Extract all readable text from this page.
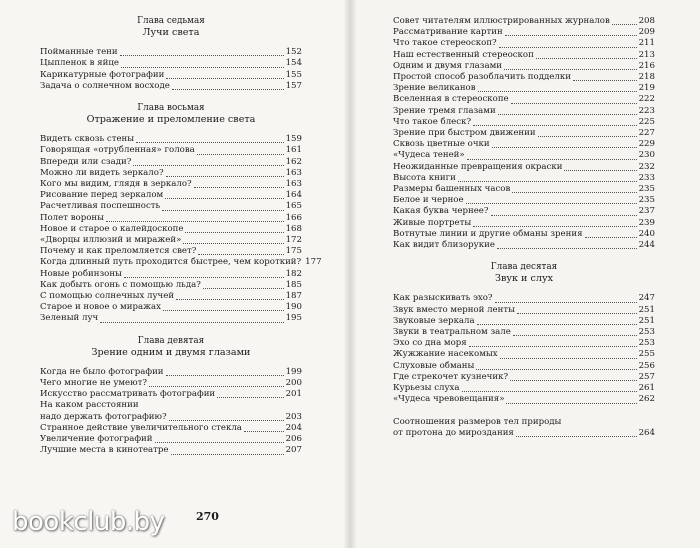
Глава седьмая
Лучи света
Пойманные тени	152
Цыпленок в яйце	154
Карикатурные фотографии	155
Задача о солнечном восходе	157
Глава восьмая
Отражение и преломление света
Видеть сквозь стены	159
Говорящая «отрубленная» голова	161
Впереди или сзади?	162
Можно ли видеть зеркало?	163
Кого мы видим, глядя в зеркало?	163
Рисование перед зеркалом	164
Расчетливая поспешность	165
Полет вороны	166
Новое и старое о калейдоскопе	168
«Дворцы иллюзий и миражей»	172
Почему и как преломляется свет?	175
Когда длинный путь проходится быстрее, чем короткий? 177
Новые робинзоны	182
Как добыть огонь с помощью льда?	185
С помощью солнечных лучей	187
Старое и новое о миражах	190
Зеленый луч	195
Глава девятая
Зрение одним и двумя глазами
Когда не было фотографии	199
Чего многие не умеют?	200
Искусство рассматривать фотографии	201
На каком расстоянии
надо держать фотографию?	203
Странное действие увеличительного стекла	204
Увеличение фотографий	206
Лучшие места в кинотеатре	207
Совет читателям иллюстрированных журналов	208
Рассматривание картин	209
Что такое стереоскоп?	211
Наш естественный стереоскоп	213
Одним и двумя глазами	216
Простой способ разоблачить подделки	218
Зрение великанов	219
Вселенная в стереоскопе	222
Зрение тремя глазами	223
Что такое блеск?	225
Зрение при быстром движении	227
Сквозь цветные очки	229
«Чудеса теней»	230
Неожиданные превращения окраски	232
Высота книги	233
Размеры башенных часов	235
Белое и черное	235
Какая буква чернее?	237
Живые портреты	239
Вотнутые линии и другие обманы зрения	240
Как видит близорукие	244
Глава десятая
Звук и слух
Как разыскивать эхо?	247
Звук вместо мерной ленты	251
Звуковые зеркала	251
Звуки в театральном зале	253
Эхо со дна моря	253
Жужжание насекомых	255
Слуховые обманы	256
Где стрекочет кузнечик?	257
Курьезы слуха	261
«Чудеса чревовещания»	262
Соотношения размеров тел природы
от протона до мироздания	264
270
bookclub.by
